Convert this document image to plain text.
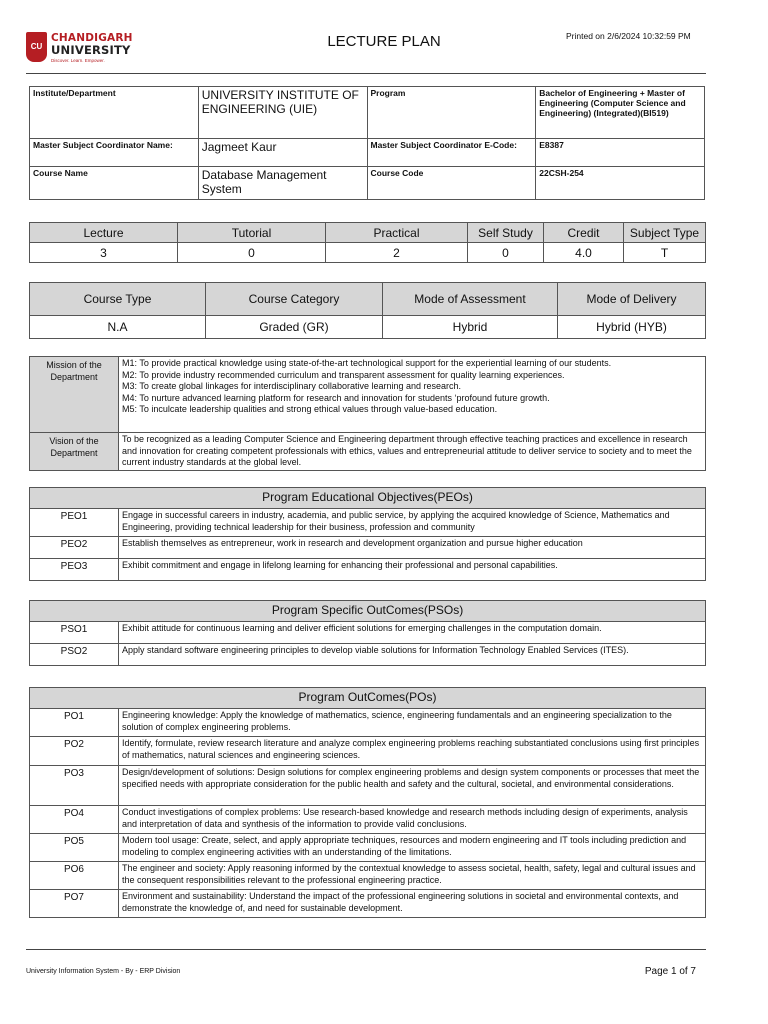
CU
CHANDIGARH
UNIVERSITY
Discover. Learn. Empower.
LECTURE PLAN	Printed on 2/6/2024 10:32:59 PM
Institute/Department	UNIVERSITY INSTITUTE OF ENGINEERING (UIE)	Program	Bachelor of Engineering + Master of Engineering (Computer Science and Engineering) (Integrated)(BI519)
Master Subject Coordinator Name:	Jagmeet Kaur	Master Subject Coordinator E-Code:	E8387
Course Name	Database Management System	Course Code	22CSH-254
Lecture	Tutorial	Practical	Self Study	Credit	Subject Type
3	0	2	0	4.0	T
Course Type	Course Category	Mode of Assessment	Mode of Delivery
N.A	Graded (GR)	Hybrid	Hybrid (HYB)
Mission of the Department	M1: To provide practical knowledge using state-of-the-art technological support for the experiential learning of our students.
M2: To provide industry recommended curriculum and transparent assessment for quality learning experiences.
M3: To create global linkages for interdisciplinary collaborative learning and research.
M4: To nurture advanced learning platform for research and innovation for students ‘profound future growth.
M5: To inculcate leadership qualities and strong ethical values through value-based education.

Vision of the Department	To be recognized as a leading Computer Science and Engineering department through effective teaching practices and excellence in research and innovation for creating competent professionals with ethics, values and entrepreneurial attitude to deliver service to society and to meet the current industry standards at the global level.
Program Educational Objectives(PEOs)	
PEO1	Engage in successful careers in industry, academia, and public service, by applying the acquired knowledge of Science, Mathematics and Engineering, providing technical leadership for their business, profession and community
PEO2	Establish themselves as entrepreneur, work in research and development organization and pursue higher education
PEO3	Exhibit commitment and engage in lifelong learning for enhancing their professional and personal capabilities.
Program Specific OutComes(PSOs)	
PSO1	Exhibit attitude for continuous learning and deliver efficient solutions for emerging challenges in the computation domain.
PSO2	Apply standard software engineering principles to develop viable solutions for Information Technology Enabled Services (ITES).
Program OutComes(POs)	
PO1	Engineering knowledge: Apply the knowledge of mathematics, science, engineering fundamentals and an engineering specialization to the solution of complex engineering problems.
PO2	Identify, formulate, review research literature and analyze complex engineering problems reaching substantiated conclusions using first principles of mathematics, natural sciences and engineering sciences.
PO3	Design/development of solutions: Design solutions for complex engineering problems and design system components or processes that meet the specified needs with appropriate consideration for the public health and safety and the cultural, societal, and environmental considerations.
PO4	Conduct investigations of complex problems: Use research-based knowledge and research methods including design of experiments, analysis and interpretation of data and synthesis of the information to provide valid conclusions.
PO5	Modern tool usage: Create, select, and apply appropriate techniques, resources and modern engineering and IT tools including prediction and modeling to complex engineering activities with an understanding of the limitations.
PO6	The engineer and society: Apply reasoning informed by the contextual knowledge to assess societal, health, safety, legal and cultural issues and the consequent responsibilities relevant to the professional engineering practice.
PO7	Environment and sustainability: Understand the impact of the professional engineering solutions in societal and environmental contexts, and demonstrate the knowledge of, and need for sustainable development.
University Information System - By - ERP Division	Page 1 of 7
